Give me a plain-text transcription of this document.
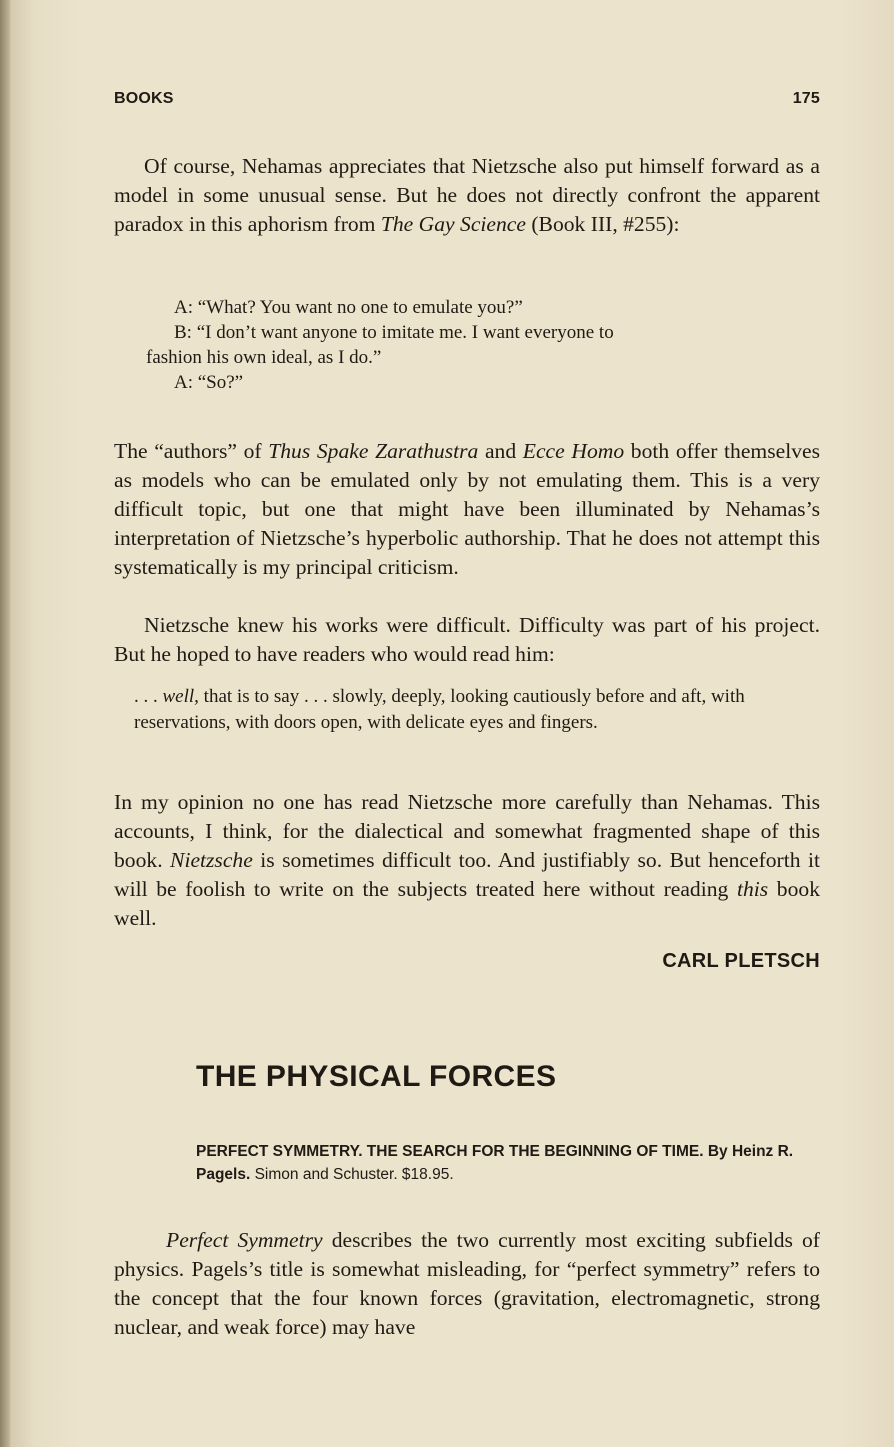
BOOKS	175

Of course, Nehamas appreciates that Nietzsche also put himself forward as a model in some unusual sense. But he does not directly confront the apparent paradox in this aphorism from The Gay Science (Book III, #255):

A: “What? You want no one to emulate you?”
B: “I don’t want anyone to imitate me. I want everyone to
fashion his own ideal, as I do.”
A: “So?”

The “authors” of Thus Spake Zarathustra and Ecce Homo both offer themselves as models who can be emulated only by not emulating them. This is a very difficult topic, but one that might have been illuminated by Nehamas’s interpretation of Nietzsche’s hyperbolic authorship. That he does not attempt this systematically is my principal criticism.

Nietzsche knew his works were difficult. Difficulty was part of his project. But he hoped to have readers who would read him:

. . . well, that is to say . . . slowly, deeply, looking cautiously before and aft, with reservations, with doors open, with delicate eyes and fingers.

In my opinion no one has read Nietzsche more carefully than Nehamas. This accounts, I think, for the dialectical and somewhat fragmented shape of this book. Nietzsche is sometimes difficult too. And justifiably so. But henceforth it will be foolish to write on the subjects treated here without reading this book well.

CARL PLETSCH
THE PHYSICAL FORCES
PERFECT SYMMETRY. THE SEARCH FOR THE BEGINNING OF TIME. By Heinz R. Pagels. Simon and Schuster. $18.95.

Perfect Symmetry describes the two currently most exciting subfields of physics. Pagels’s title is somewhat misleading, for “perfect symmetry” refers to the concept that the four known forces (gravitation, electromagnetic, strong nuclear, and weak force) may have
